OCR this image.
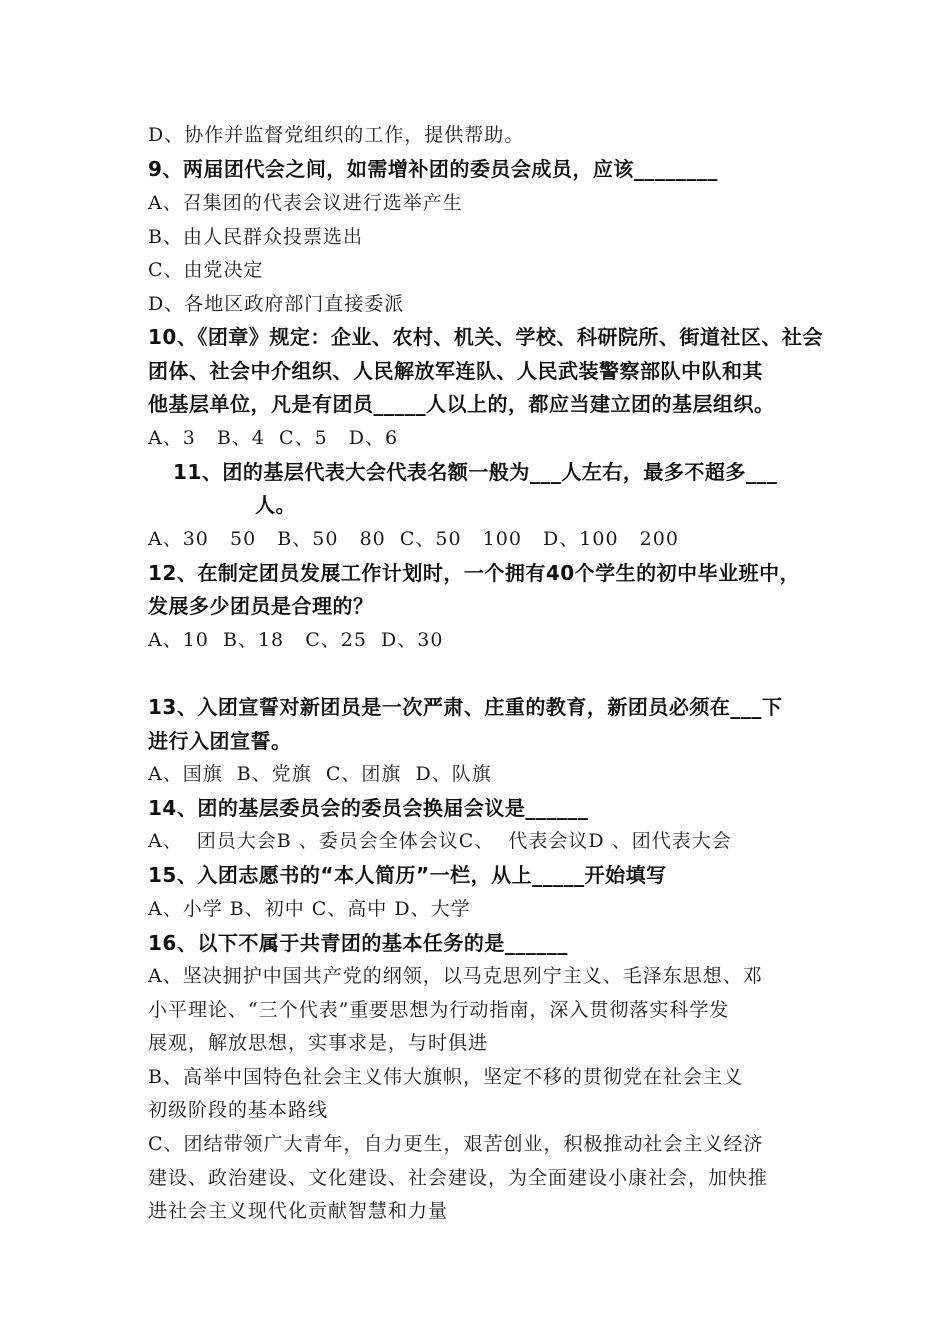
D、协作并监督党组织的工作，提供帮助。
9、两届团代会之间，如需增补团的委员会成员，应该________
A、召集团的代表会议进行选举产生
B、由人民群众投票选出
C、由党决定
D、各地区政府部门直接委派
10、《团章》规定：企业、农村、机关、学校、科研院所、街道社区、社会
团体、社会中介组织、人民解放军连队、人民武装警察部队中队和其
他基层单位，凡是有团员_____人以上的，都应当建立团的基层组织。
A、3   B、4  C、5   D、6
11、团的基层代表大会代表名额一般为___人左右，最多不超多___
人。
A、30   50   B、50   80  C、50   100   D、100   200
12、在制定团员发展工作计划时，一个拥有40个学生的初中毕业班中，
发展多少团员是合理的？
A、10  B、18   C、25  D、30
13、入团宣誓对新团员是一次严肃、庄重的教育，新团员必须在___下
进行入团宣誓。
A、国旗  B、党旗  C、团旗  D、队旗
14、团的基层委员会的委员会换届会议是______
A、  团员大会B 、委员会全体会议C、  代表会议D 、团代表大会
15、入团志愿书的“本人简历”一栏，从上_____开始填写
A、小学 B、初中 C、高中 D、大学
16、以下不属于共青团的基本任务的是______
A、坚决拥护中国共产党的纲领，以马克思列宁主义、毛泽东思想、邓
小平理论、“三个代表”重要思想为行动指南，深入贯彻落实科学发
展观，解放思想，实事求是，与时俱进
B、高举中国特色社会主义伟大旗帜，坚定不移的贯彻党在社会主义
初级阶段的基本路线
C、团结带领广大青年，自力更生，艰苦创业，积极推动社会主义经济
建设、政治建设、文化建设、社会建设，为全面建设小康社会，加快推
进社会主义现代化贡献智慧和力量
